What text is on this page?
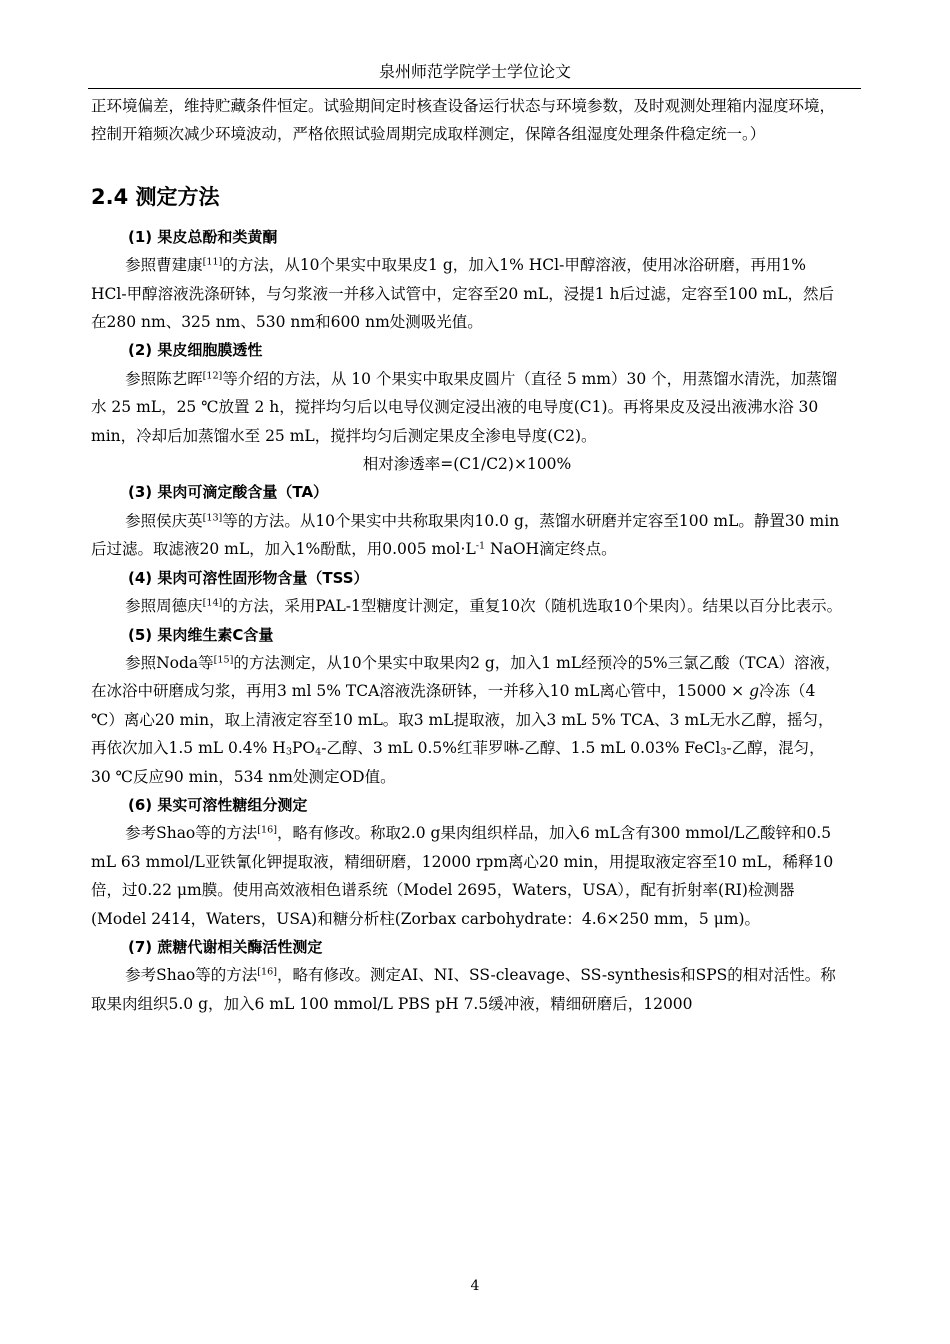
泉州师范学院学士学位论文

正环境偏差，维持贮藏条件恒定。试验期间定时核查设备运行状态与环境参数，及时观测处理箱内湿度环境，控制开箱频次减少环境波动，严格依照试验周期完成取样测定，保障各组湿度处理条件稳定统一。）

2.4 测定方法

(1) 果皮总酚和类黄酮

参照曹建康[11]的方法，从10个果实中取果皮1 g，加入1% HCl-甲醇溶液，使用冰浴研磨，再用1% HCl-甲醇溶液洗涤研钵，与匀浆液一并移入试管中，定容至20 mL，浸提1 h后过滤，定容至100 mL，然后在280 nm、325 nm、530 nm和600 nm处测吸光值。

(2) 果皮细胞膜透性

参照陈艺晖[12]等介绍的方法，从 10 个果实中取果皮圆片（直径 5 mm）30 个，用蒸馏水清洗，加蒸馏水 25 mL，25 ℃放置 2 h，搅拌均匀后以电导仪测定浸出液的电导度(C1)。再将果皮及浸出液沸水浴 30 min，冷却后加蒸馏水至 25 mL，搅拌均匀后测定果皮全渗电导度(C2)。

相对渗透率=(C1/C2)×100%

(3) 果肉可滴定酸含量（TA）

参照侯庆英[13]等的方法。从10个果实中共称取果肉10.0 g，蒸馏水研磨并定容至100 mL。静置30 min后过滤。取滤液20 mL，加入1%酚酞，用0.005 $mol\cdot L^{-1}$ NaOH滴定终点。

(4) 果肉可溶性固形物含量（TSS）

参照周德庆[14]的方法，采用PAL-1型糖度计测定，重复10次（随机选取10个果肉）。结果以百分比表示。

(5) 果肉维生素C含量

参照Noda等[15]的方法测定，从10个果实中取果肉2 g，加入1 mL经预冷的5%三氯乙酸（TCA）溶液，在冰浴中研磨成匀浆，再用3 ml 5% TCA溶液洗涤研钵，一并移入10 mL离心管中，15000 × g冷冻（4 ℃）离心20 min，取上清液定容至10 mL。取3 mL提取液，加入3 mL 5% TCA、3 mL无水乙醇，摇匀，再依次加入1.5 mL 0.4% $H_3PO_4-$乙醇、3 mL 0.5%红菲罗啉-乙醇、1.5 mL 0.03% FeCl$_3$-乙醇，混匀，30 ℃反应90 min，534 nm处测定OD值。

(6) 果实可溶性糖组分测定

参考Shao等的方法[16]，略有修改。称取2.0 g果肉组织样品，加入6 mL含有300 mmol/L乙酸锌和0.5 mL 63 mmol/L亚铁氰化钾提取液，精细研磨，12000 rpm离心20 min，用提取液定容至10 mL，稀释10倍，过0.22 μm膜。使用高效液相色谱系统（Model 2695，Waters，USA），配有折射率(RI)检测器(Model 2414，Waters，USA)和糖分析柱(Zorbax carbohydrate：4.6×250 mm，5 μm)。

(7) 蔗糖代谢相关酶活性测定

参考Shao等的方法[16]，略有修改。测定AI、NI、SS-cleavage、SS-synthesis和SPS的相对活性。称取果肉组织5.0 g，加入6 mL 100 mmol/L PBS pH 7.5缓冲液，精细研磨后，12000

4
